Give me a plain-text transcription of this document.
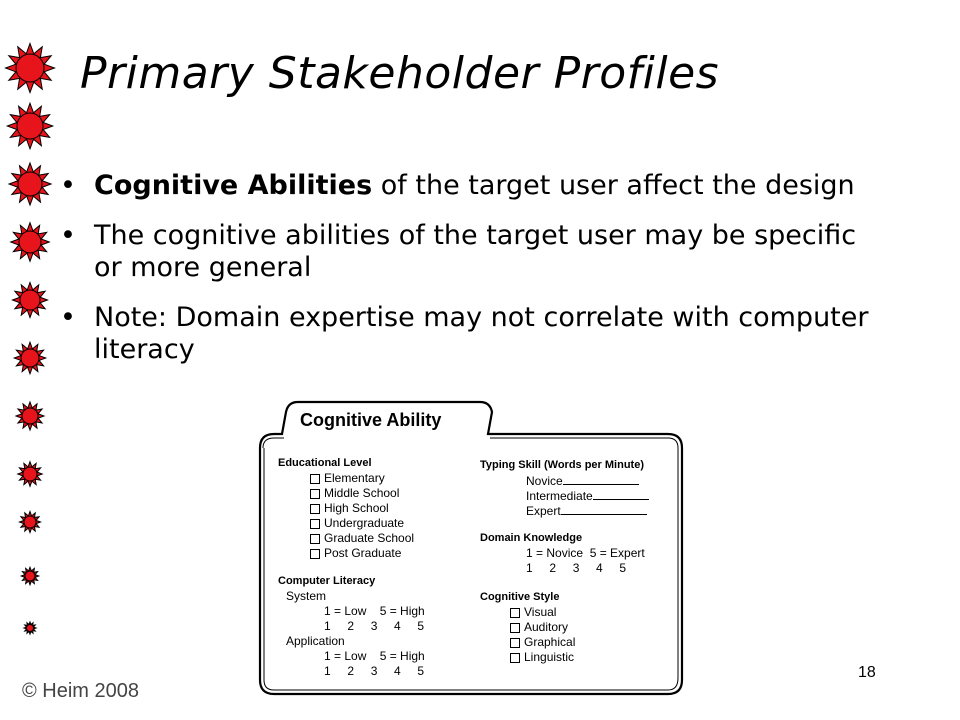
Primary Stakeholder Profiles
• Cognitive Abilities of the target user affect the design
• The cognitive abilities of the target user may be specific or more general
• Note: Domain expertise may not correlate with computer literacy
Cognitive Ability
Educational Level
Elementary
Middle School
High School
Undergraduate
Graduate School
Post Graduate
Computer Literacy
System
1 = Low    5 = High
1     2     3     4     5
Application
1 = Low    5 = High
1     2     3     4     5
Typing Skill (Words per Minute)
Novice
Intermediate
Expert
Domain Knowledge
1 = Novice  5 = Expert
1     2     3     4     5
Cognitive Style
Visual
Auditory
Graphical
Linguistic
© Heim 2008
18
